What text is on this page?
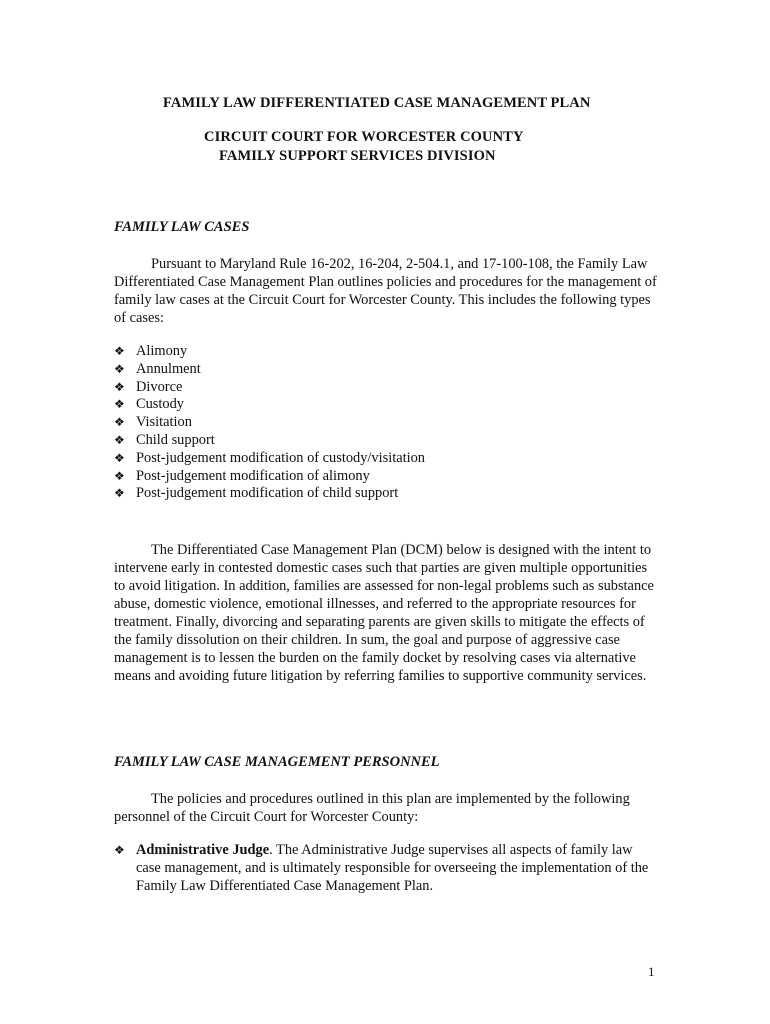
FAMILY LAW DIFFERENTIATED CASE MANAGEMENT PLAN
CIRCUIT COURT FOR WORCESTER COUNTY
FAMILY SUPPORT SERVICES DIVISION
FAMILY LAW CASES

Pursuant to Maryland Rule 16-202, 16-204, 2-504.1, and 17-100-108, the Family Law Differentiated Case Management Plan outlines policies and procedures for the management of family law cases at the Circuit Court for Worcester County. This includes the following types of cases:

❖ Alimony
❖ Annulment
❖ Divorce
❖ Custody
❖ Visitation
❖ Child support
❖ Post-judgement modification of custody/visitation
❖ Post-judgement modification of alimony
❖ Post-judgement modification of child support

The Differentiated Case Management Plan (DCM) below is designed with the intent to intervene early in contested domestic cases such that parties are given multiple opportunities to avoid litigation. In addition, families are assessed for non-legal problems such as substance abuse, domestic violence, emotional illnesses, and referred to the appropriate resources for treatment. Finally, divorcing and separating parents are given skills to mitigate the effects of the family dissolution on their children. In sum, the goal and purpose of aggressive case management is to lessen the burden on the family docket by resolving cases via alternative means and avoiding future litigation by referring families to supportive community services.

FAMILY LAW CASE MANAGEMENT PERSONNEL

The policies and procedures outlined in this plan are implemented by the following personnel of the Circuit Court for Worcester County:

❖ Administrative Judge. The Administrative Judge supervises all aspects of family law case management, and is ultimately responsible for overseeing the implementation of the Family Law Differentiated Case Management Plan.
1
